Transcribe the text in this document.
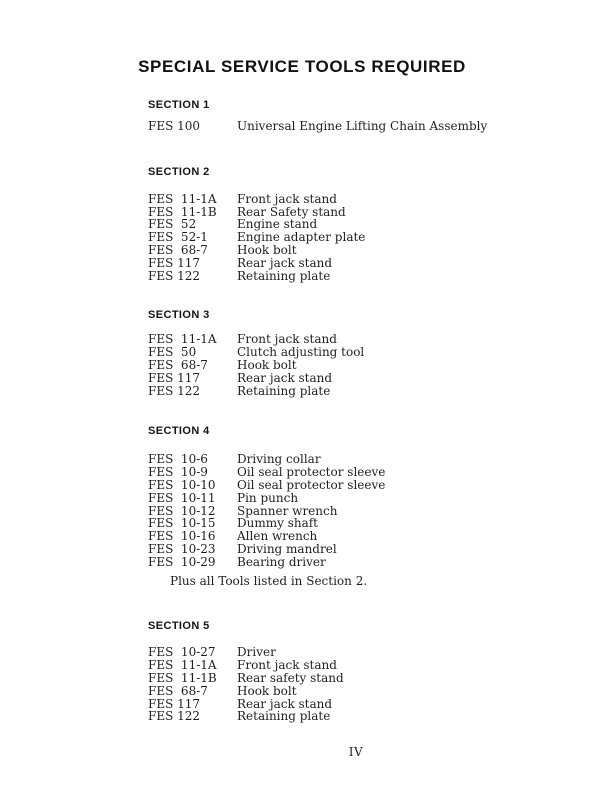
SPECIAL SERVICE TOOLS REQUIRED
SECTION 1
FES 100	Universal Engine Lifting Chain Assembly
SECTION 2
FES  11-1A	Front jack stand
FES  11-1B	Rear Safety stand
FES  52	Engine stand
FES  52-1	Engine adapter plate
FES  68-7	Hook bolt
FES 117	Rear jack stand
FES 122	Retaining plate
SECTION 3
FES  11-1A	Front jack stand
FES  50	Clutch adjusting tool
FES  68-7	Hook bolt
FES 117	Rear jack stand
FES 122	Retaining plate
SECTION 4
FES  10-6	Driving collar
FES  10-9	Oil seal protector sleeve
FES  10-10	Oil seal protector sleeve
FES  10-11	Pin punch
FES  10-12	Spanner wrench
FES  10-15	Dummy shaft
FES  10-16	Allen wrench
FES  10-23	Driving mandrel
FES  10-29	Bearing driver

Plus all Tools listed in Section 2.

SECTION 5
FES  10-27	Driver
FES  11-1A	Front jack stand
FES  11-1B	Rear safety stand
FES  68-7	Hook bolt
FES 117	Rear jack stand
FES 122	Retaining plate
IV
